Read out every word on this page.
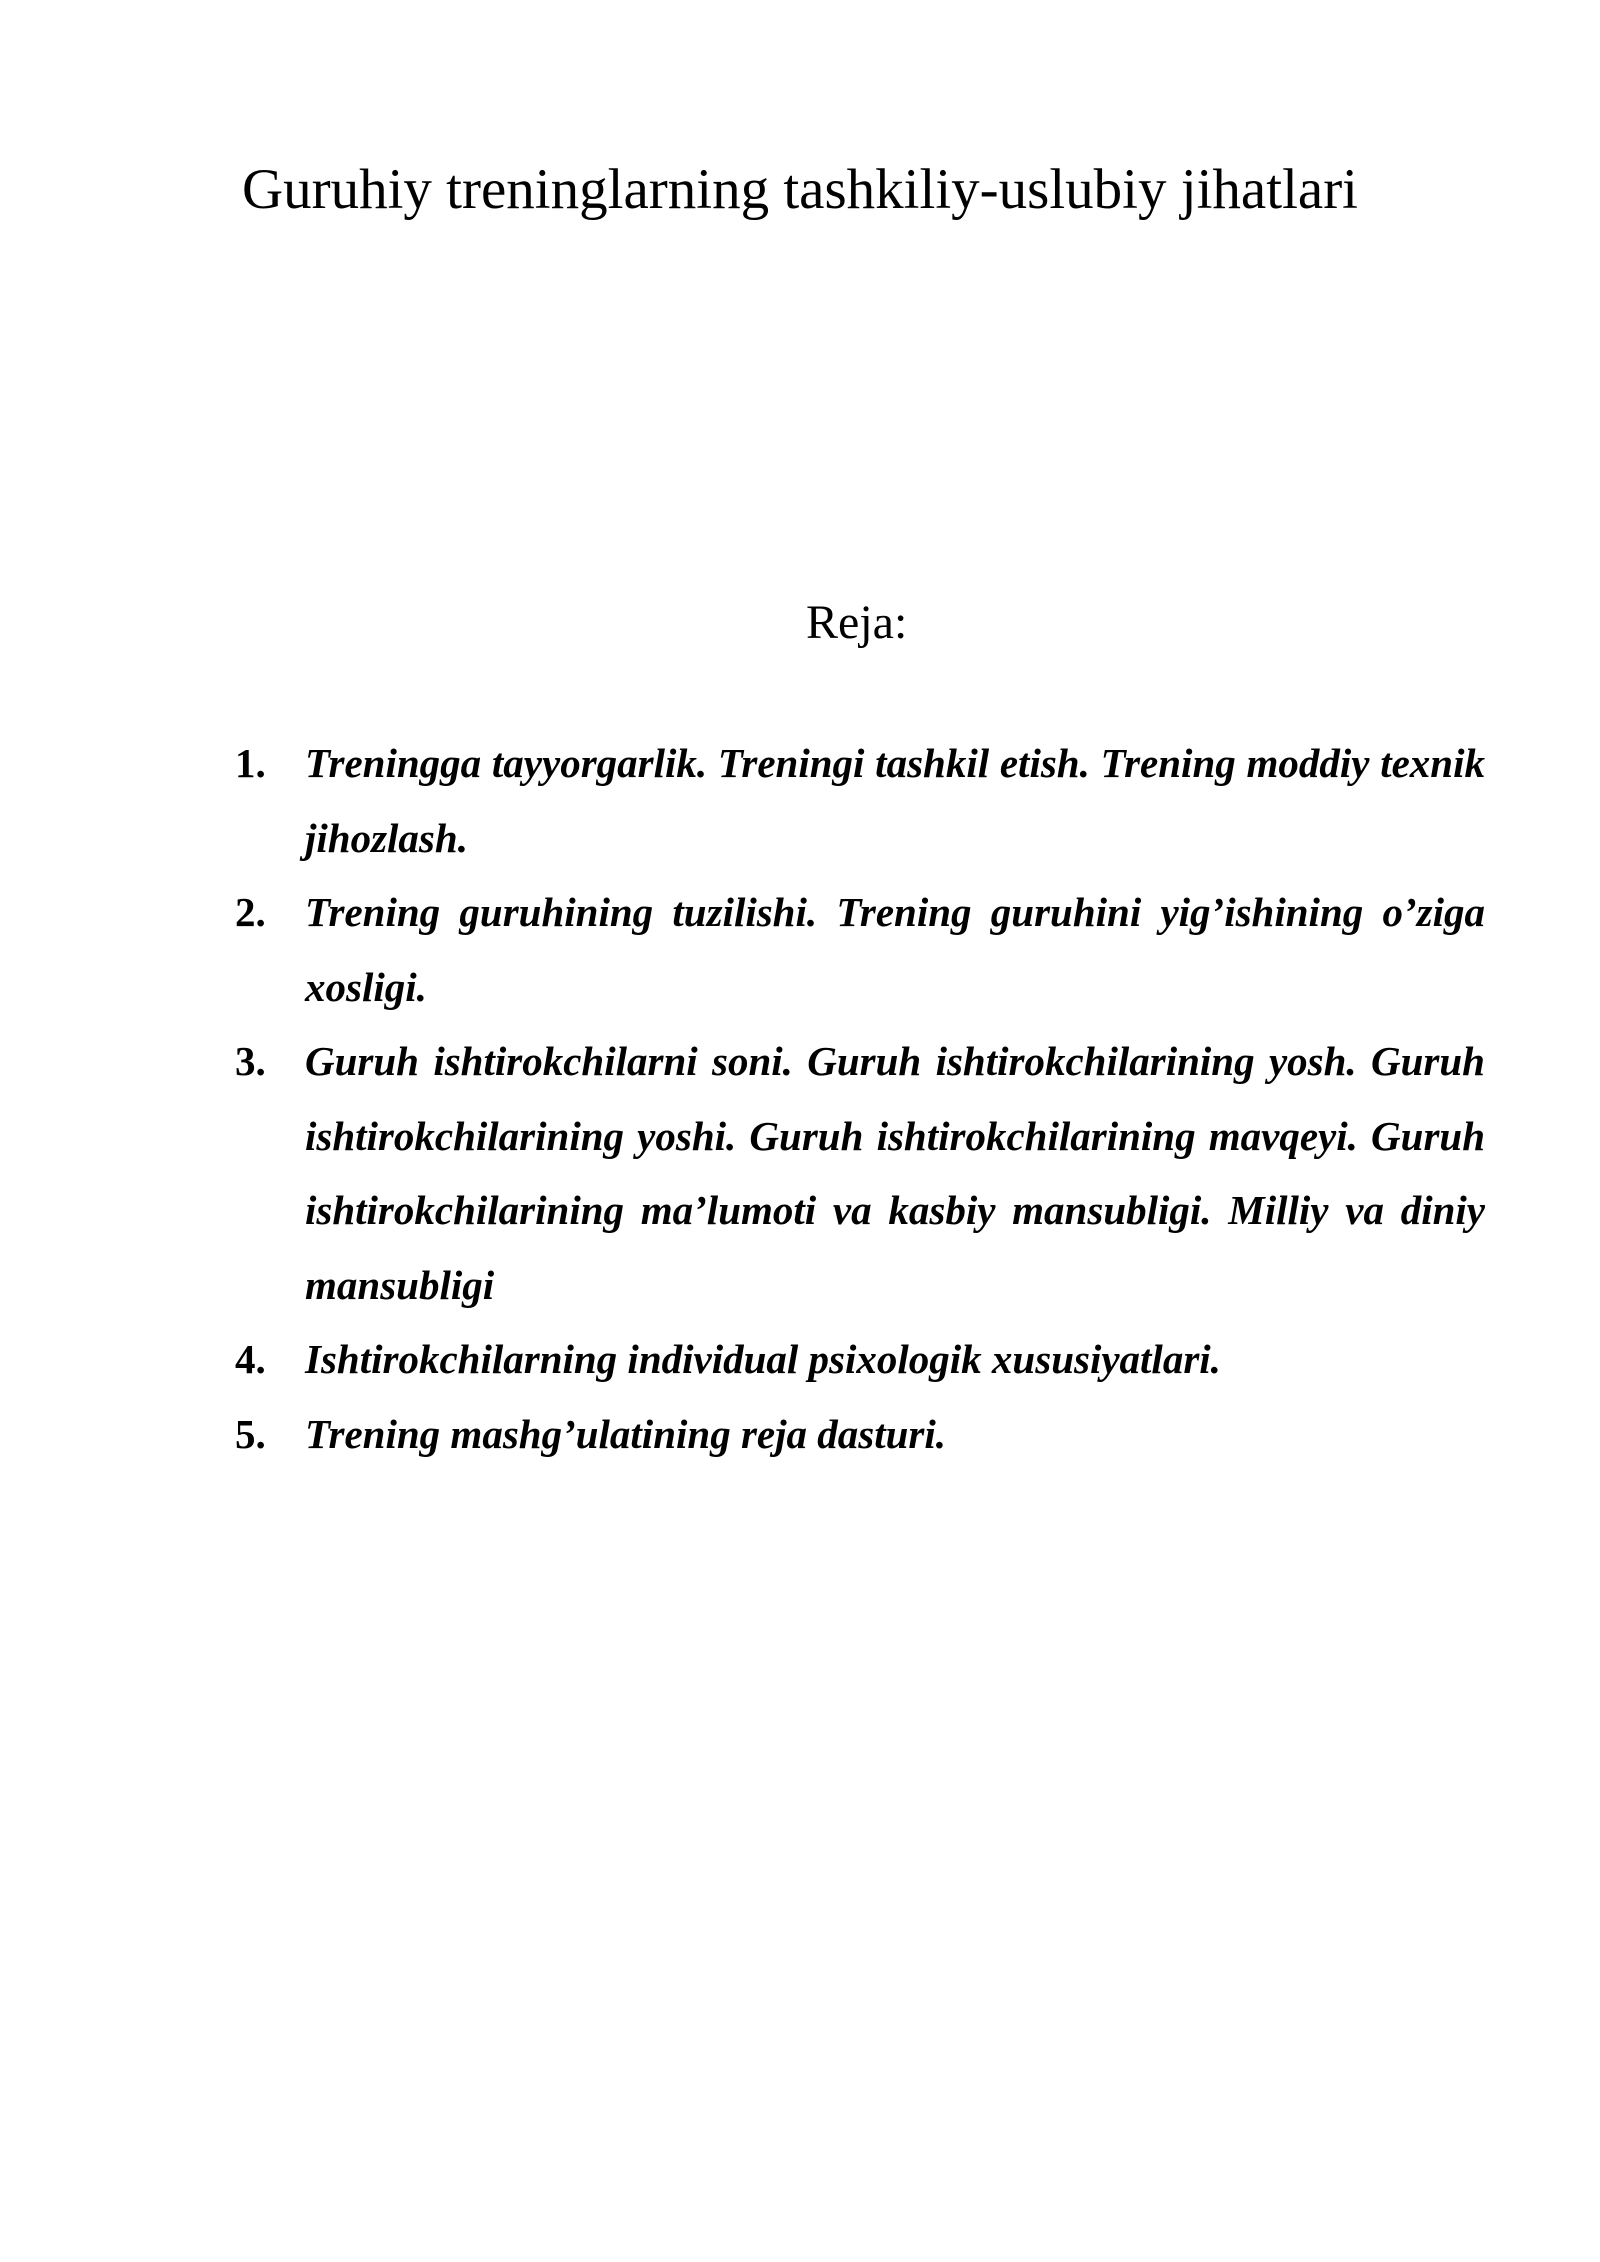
Guruhiy treninglarning tashkiliy-uslubiy jihatlari

Reja:

1. Treningga tayyorgarlik. Treningi tashkil etish. Trening moddiy texnik jihozlash.
2. Trening guruhining tuzilishi. Trening guruhini yig’ishining o’ziga xosligi.
3. Guruh ishtirokchilarni soni. Guruh ishtirokchilarining yosh. Guruh ishtirokchilarining yoshi. Guruh ishtirokchilarining mavqeyi. Guruh ishtirokchilarining ma’lumoti va kasbiy mansubligi. Milliy va diniy mansubligi
4. Ishtirokchilarning individual psixologik xususiyatlari.
5. Trening mashg’ulatining reja dasturi.
